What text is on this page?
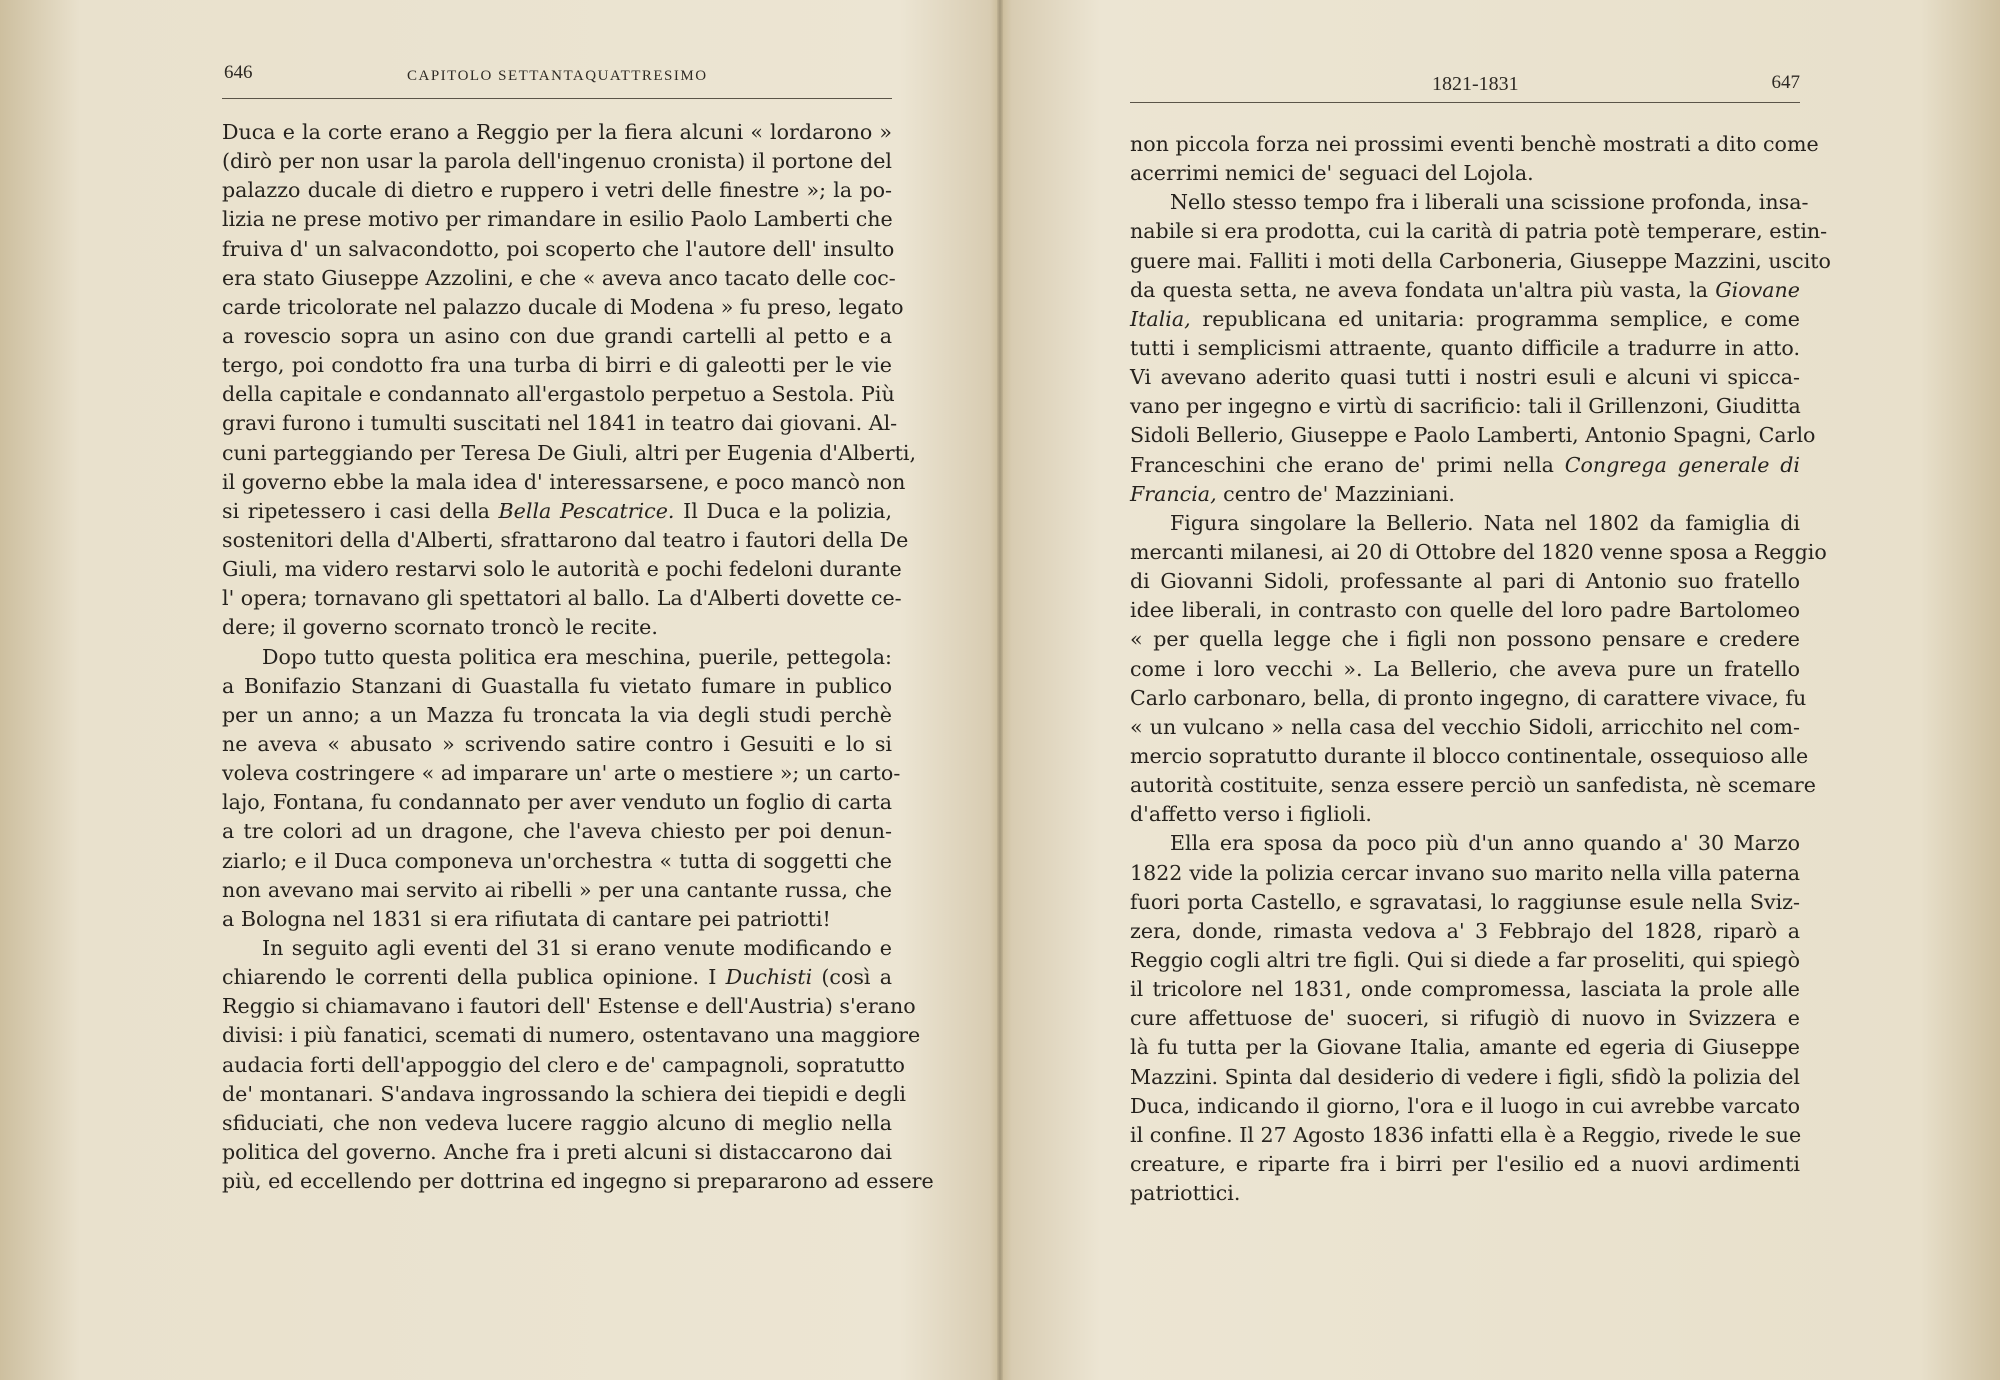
646	CAPITOLO SETTANTAQUATTRESIMO
Duca e la corte erano a Reggio per la fiera alcuni « lordarono »
(dirò per non usar la parola dell'ingenuo cronista) il portone del
palazzo ducale di dietro e ruppero i vetri delle finestre »; la po-
lizia ne prese motivo per rimandare in esilio Paolo Lamberti che
fruiva d' un salvacondotto, poi scoperto che l'autore dell' insulto
era stato Giuseppe Azzolini, e che « aveva anco tacato delle coc-
carde tricolorate nel palazzo ducale di Modena » fu preso, legato
a rovescio sopra un asino con due grandi cartelli al petto e a
tergo, poi condotto fra una turba di birri e di galeotti per le vie
della capitale e condannato all'ergastolo perpetuo a Sestola. Più
gravi furono i tumulti suscitati nel 1841 in teatro dai giovani. Al-
cuni parteggiando per Teresa De Giuli, altri per Eugenia d'Alberti,
il governo ebbe la mala idea d' interessarsene, e poco mancò non
si ripetessero i casi della Bella Pescatrice. Il Duca e la polizia,
sostenitori della d'Alberti, sfrattarono dal teatro i fautori della De
Giuli, ma videro restarvi solo le autorità e pochi fedeloni durante
l' opera; tornavano gli spettatori al ballo. La d'Alberti dovette ce-
dere; il governo scornato troncò le recite.
Dopo tutto questa politica era meschina, puerile, pettegola:
a Bonifazio Stanzani di Guastalla fu vietato fumare in publico
per un anno; a un Mazza fu troncata la via degli studi perchè
ne aveva « abusato » scrivendo satire contro i Gesuiti e lo si
voleva costringere « ad imparare un' arte o mestiere »; un carto-
lajo, Fontana, fu condannato per aver venduto un foglio di carta
a tre colori ad un dragone, che l'aveva chiesto per poi denun-
ziarlo; e il Duca componeva un'orchestra « tutta di soggetti che
non avevano mai servito ai ribelli » per una cantante russa, che
a Bologna nel 1831 si era rifiutata di cantare pei patriotti!
In seguito agli eventi del 31 si erano venute modificando e
chiarendo le correnti della publica opinione. I Duchisti (così a
Reggio si chiamavano i fautori dell' Estense e dell'Austria) s'erano
divisi: i più fanatici, scemati di numero, ostentavano una maggiore
audacia forti dell'appoggio del clero e de' campagnoli, sopratutto
de' montanari. S'andava ingrossando la schiera dei tiepidi e degli
sfiduciati, che non vedeva lucere raggio alcuno di meglio nella
politica del governo. Anche fra i preti alcuni si distaccarono dai
più, ed eccellendo per dottrina ed ingegno si prepararono ad essere
1821-1831	647
non piccola forza nei prossimi eventi benchè mostrati a dito come
acerrimi nemici de' seguaci del Lojola.
Nello stesso tempo fra i liberali una scissione profonda, insa-
nabile si era prodotta, cui la carità di patria potè temperare, estin-
guere mai. Falliti i moti della Carboneria, Giuseppe Mazzini, uscito
da questa setta, ne aveva fondata un'altra più vasta, la Giovane
Italia, republicana ed unitaria: programma semplice, e come
tutti i semplicismi attraente, quanto difficile a tradurre in atto.
Vi avevano aderito quasi tutti i nostri esuli e alcuni vi spicca-
vano per ingegno e virtù di sacrificio: tali il Grillenzoni, Giuditta
Sidoli Bellerio, Giuseppe e Paolo Lamberti, Antonio Spagni, Carlo
Franceschini che erano de' primi nella Congrega generale di
Francia, centro de' Mazziniani.
Figura singolare la Bellerio. Nata nel 1802 da famiglia di
mercanti milanesi, ai 20 di Ottobre del 1820 venne sposa a Reggio
di Giovanni Sidoli, professante al pari di Antonio suo fratello
idee liberali, in contrasto con quelle del loro padre Bartolomeo
« per quella legge che i figli non possono pensare e credere
come i loro vecchi ». La Bellerio, che aveva pure un fratello
Carlo carbonaro, bella, di pronto ingegno, di carattere vivace, fu
« un vulcano » nella casa del vecchio Sidoli, arricchito nel com-
mercio sopratutto durante il blocco continentale, ossequioso alle
autorità costituite, senza essere perciò un sanfedista, nè scemare
d'affetto verso i figlioli.
Ella era sposa da poco più d'un anno quando a' 30 Marzo
1822 vide la polizia cercar invano suo marito nella villa paterna
fuori porta Castello, e sgravatasi, lo raggiunse esule nella Sviz-
zera, donde, rimasta vedova a' 3 Febbrajo del 1828, riparò a
Reggio cogli altri tre figli. Qui si diede a far proseliti, qui spiegò
il tricolore nel 1831, onde compromessa, lasciata la prole alle
cure affettuose de' suoceri, si rifugiò di nuovo in Svizzera e
là fu tutta per la Giovane Italia, amante ed egeria di Giuseppe
Mazzini. Spinta dal desiderio di vedere i figli, sfidò la polizia del
Duca, indicando il giorno, l'ora e il luogo in cui avrebbe varcato
il confine. Il 27 Agosto 1836 infatti ella è a Reggio, rivede le sue
creature, e riparte fra i birri per l'esilio ed a nuovi ardimenti
patriottici.
